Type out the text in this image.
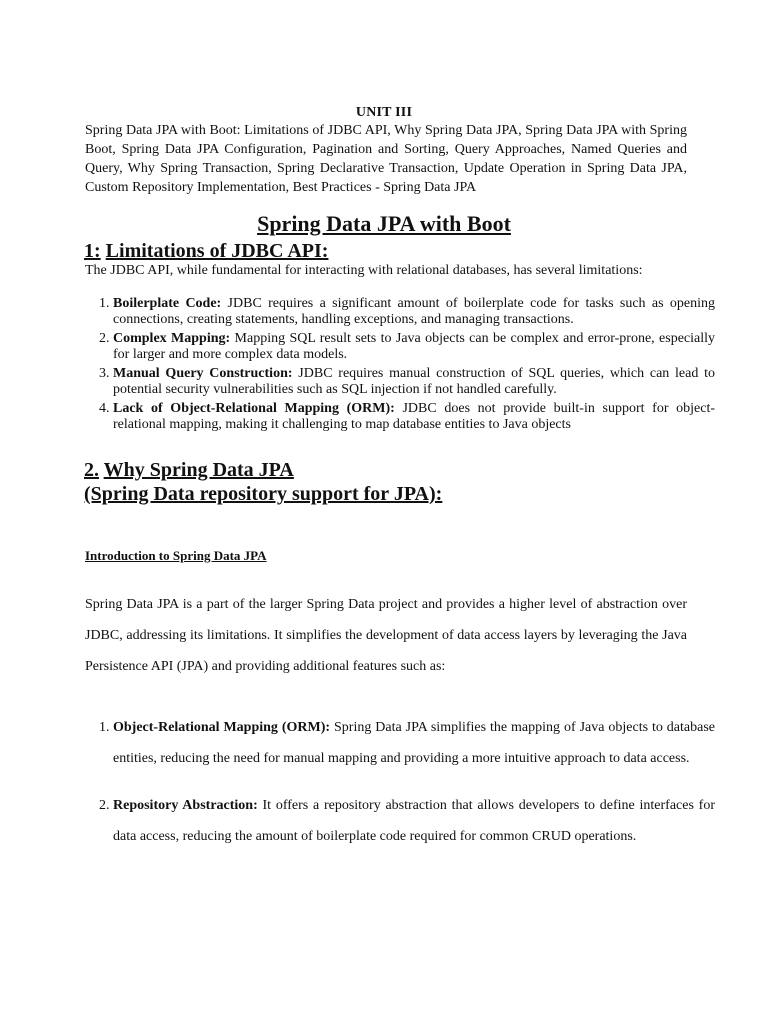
UNIT III
Spring Data JPA with Boot: Limitations of JDBC API, Why Spring Data JPA, Spring Data JPA with Spring Boot, Spring Data JPA Configuration, Pagination and Sorting, Query Approaches, Named Queries and Query, Why Spring Transaction, Spring Declarative Transaction, Update Operation in Spring Data JPA, Custom Repository Implementation, Best Practices - Spring Data JPA
Spring Data JPA with Boot
1: Limitations of JDBC API:
The JDBC API, while fundamental for interacting with relational databases, has several limitations:
1. Boilerplate Code: JDBC requires a significant amount of boilerplate code for tasks such as opening connections, creating statements, handling exceptions, and managing transactions.
2. Complex Mapping: Mapping SQL result sets to Java objects can be complex and error-prone, especially for larger and more complex data models.
3. Manual Query Construction: JDBC requires manual construction of SQL queries, which can lead to potential security vulnerabilities such as SQL injection if not handled carefully.
4. Lack of Object-Relational Mapping (ORM): JDBC does not provide built-in support for object-relational mapping, making it challenging to map database entities to Java objects
2. Why Spring Data JPA
(Spring Data repository support for JPA):
Introduction to Spring Data JPA
Spring Data JPA is a part of the larger Spring Data project and provides a higher level of abstraction over JDBC, addressing its limitations. It simplifies the development of data access layers by leveraging the Java Persistence API (JPA) and providing additional features such as:
1. Object-Relational Mapping (ORM): Spring Data JPA simplifies the mapping of Java objects to database entities, reducing the need for manual mapping and providing a more intuitive approach to data access.
2. Repository Abstraction: It offers a repository abstraction that allows developers to define interfaces for data access, reducing the amount of boilerplate code required for common CRUD operations.
